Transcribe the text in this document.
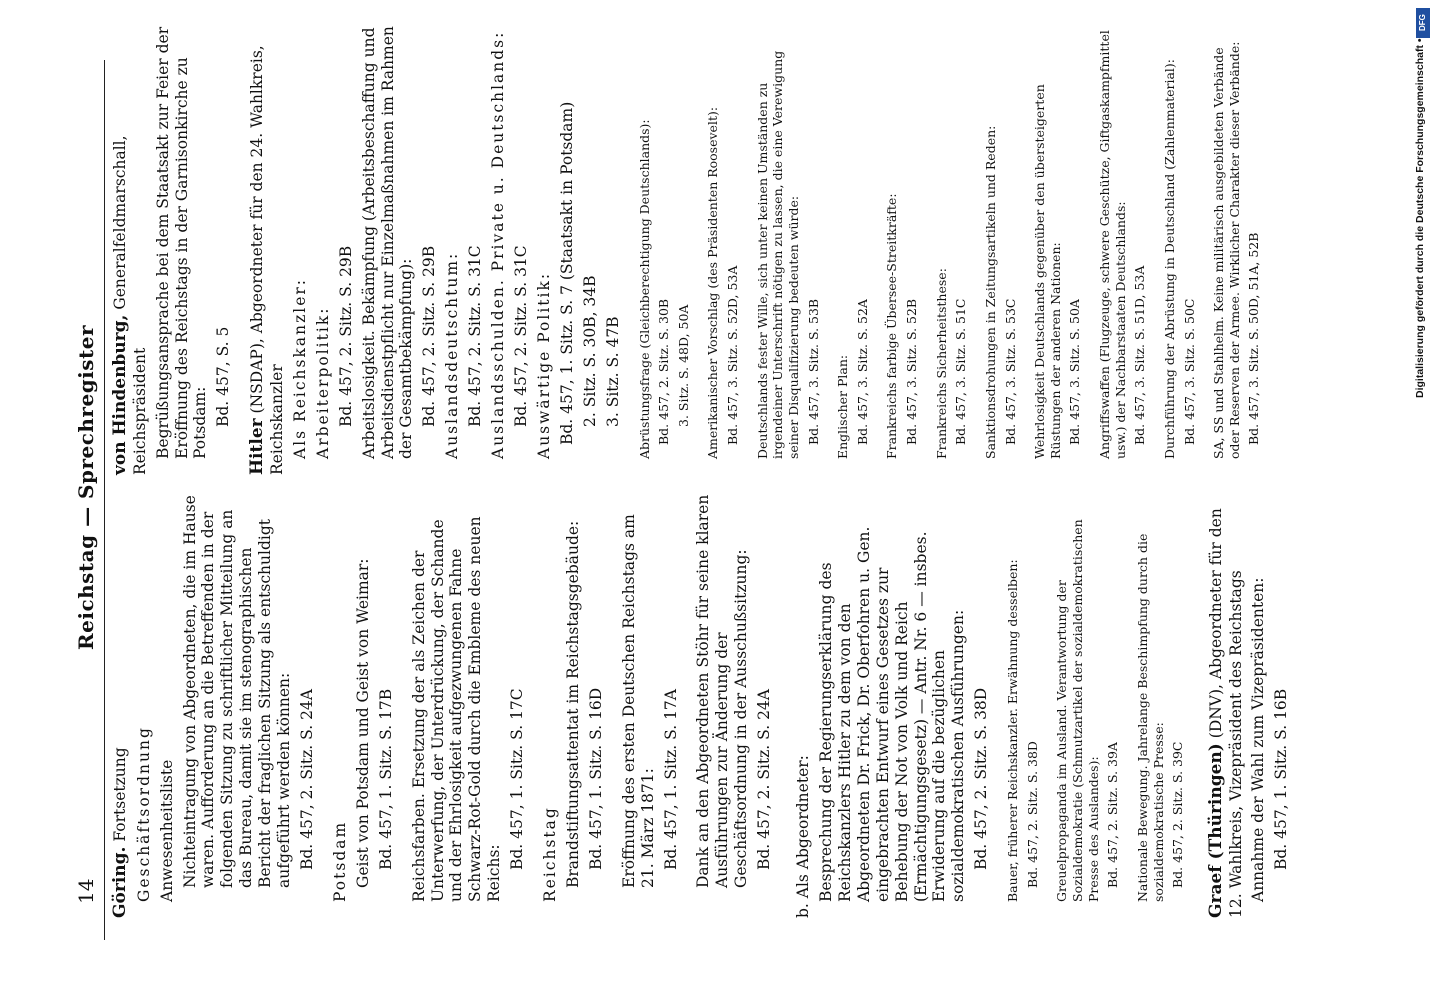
14
Reichstag — Sprechregister
Göring. Fortsetzung Geschäftsordnung Anwesenheitsliste Nichteintragung von Abgeordneten, die im Hause waren. Aufforderung an die Betreffenden in der folgenden Sitzung zu schriftlicher Mitteilung an das Bureau, damit sie im stenographischen Bericht der fraglichen Sitzung als entschuldigt aufgeführt werden können: Bd. 457, 2. Sitz. S. 24A Potsdam Geist von Potsdam und Geist von Weimar: Bd. 457, 1. Sitz. S. 17B Reichsfarben. Ersetzung der als Zeichen der Unterwerfung, der Unterdrückung, der Schande und der Ehrlosigkeit aufgezwungenen Fahne Schwarz-Rot-Gold durch die Embleme des neuen Reichs:
Bd. 457, 1. Sitz. S. 17C Reichstag Brandstiftungsattentat im Reichstagsgebäude: Bd. 457, 1. Sitz. S. 16D Eröffnung des ersten Deutschen Reichstags am 21. März 1871: Bd. 457, 1. Sitz. S. 17A Dank an den Abgeordneten Stöhr für seine klaren Ausführungen zur Änderung der Geschäftsordnung in der Ausschußsitzung: Bd. 457, 2. Sitz. S. 24A b. Als Abgeordneter: Besprechung der Regierungserklärung des Reichskanzlers Hitler zu dem von den Abgeordneten Dr. Frick, Dr. Oberfohren u. Gen. eingebrachten Entwurf eines Gesetzes zur Behebung der Not von Volk und Reich (Ermächtigungsgesetz) — Antr. Nr. 6 — insbes. Erwiderung auf die bezüglichen sozialdemokratischen Ausführungen: Bd. 457, 2. Sitz. S. 38D Bauer, früherer Reichskanzler. Erwähnung desselben: Bd. 457, 2. Sitz. S. 38D Greuelpropaganda im Ausland. Verantwortung der Sozialdemokratie (Schmutzartikel der sozialdemokratischen Presse des Auslandes): Bd. 457, 2. Sitz. S. 39A Nationale Bewegung. Jahrelange Beschimpfung durch die sozialdemokratische Presse: Bd. 457, 2. Sitz. S. 39C Graef (Thüringen) (DNV), Abgeordneter für den 12. Wahlkreis, Vizepräsident des Reichstags Annahme der Wahl zum Vizepräsidenten: Bd. 457, 1. Sitz. S. 16B
von Hindenburg, Generalfeldmarschall, Reichspräsident Begrüßungsansprache bei dem Staatsakt zur Feier der Eröffnung des Reichstags in der Garnisonkirche zu Potsdam: Bd. 457, S. 5
Hitler (NSDAP), Abgeordneter für den 24. Wahlkreis, Reichskanzler Als Reichskanzler: Arbeiterpolitik: Bd. 457, 2. Sitz. S. 29B Arbeitslosigkeit. Bekämpfung (Arbeitsbeschaffung und Arbeitsdienstpflicht nur Einzelmaßnahmen im Rahmen der Gesamtbekämpfung): Bd. 457, 2. Sitz. S. 29B Auslandsdeutschtum: Bd. 457, 2. Sitz. S. 31C Auslandsschulden. Private u. Deutschlands: Bd. 457, 2. Sitz. S. 31C Auswärtige Politik: Bd. 457, 1. Sitz. S. 7 (Staatsakt in Potsdam) 2. Sitz. S. 30B, 34B 3. Sitz. S. 47B Abrüstungsfrage (Gleichberechtigung Deutschlands): Bd. 457, 2. Sitz. S. 30B 3. Sitz. S. 48D, 50A Amerikanischer Vorschlag (des Präsidenten Roosevelt): Bd. 457, 3. Sitz. S. 52D, 53A Deutschlands fester Wille, sich unter keinen Umständen zu irgendeiner Unterschrift nötigen zu lassen, die eine Verewigung seiner Disqualifizierung bedeuten würde: Bd. 457, 3. Sitz. S. 53B Englischer Plan: Bd. 457, 3. Sitz. S. 52A Frankreichs farbige Übersee-Streitkräfte: Bd. 457, 3. Sitz. S. 52B Frankreichs Sicherheitsthese: Bd. 457, 3. Sitz. S. 51C Sanktionsdrohungen in Zeitungsartikeln und Reden: Bd. 457, 3. Sitz. S. 53C Wehrlosigkeit Deutschlands gegenüber den übersteigerten Rüstungen der anderen Nationen: Bd. 457, 3. Sitz. S. 50A Angriffswaffen (Flugzeuge, schwere Geschütze, Giftgaskampfmittel usw.) der Nachbarstaaten Deutschlands: Bd. 457, 3. Sitz. S. 51D, 53A Durchführung der Abrüstung in Deutschland (Zahlenmaterial): Bd. 457, 3. Sitz. S. 50C SA, SS und Stahlhelm. Keine militärisch ausgebildeten Verbände oder Reserven der Armee. Wirklicher Charakter dieser Verbände: Bd. 457, 3. Sitz. S. 50D, 51A, 52B
DFG
Digitalisierung gefördert durch die Deutsche Forschungsgemeinschaft •
